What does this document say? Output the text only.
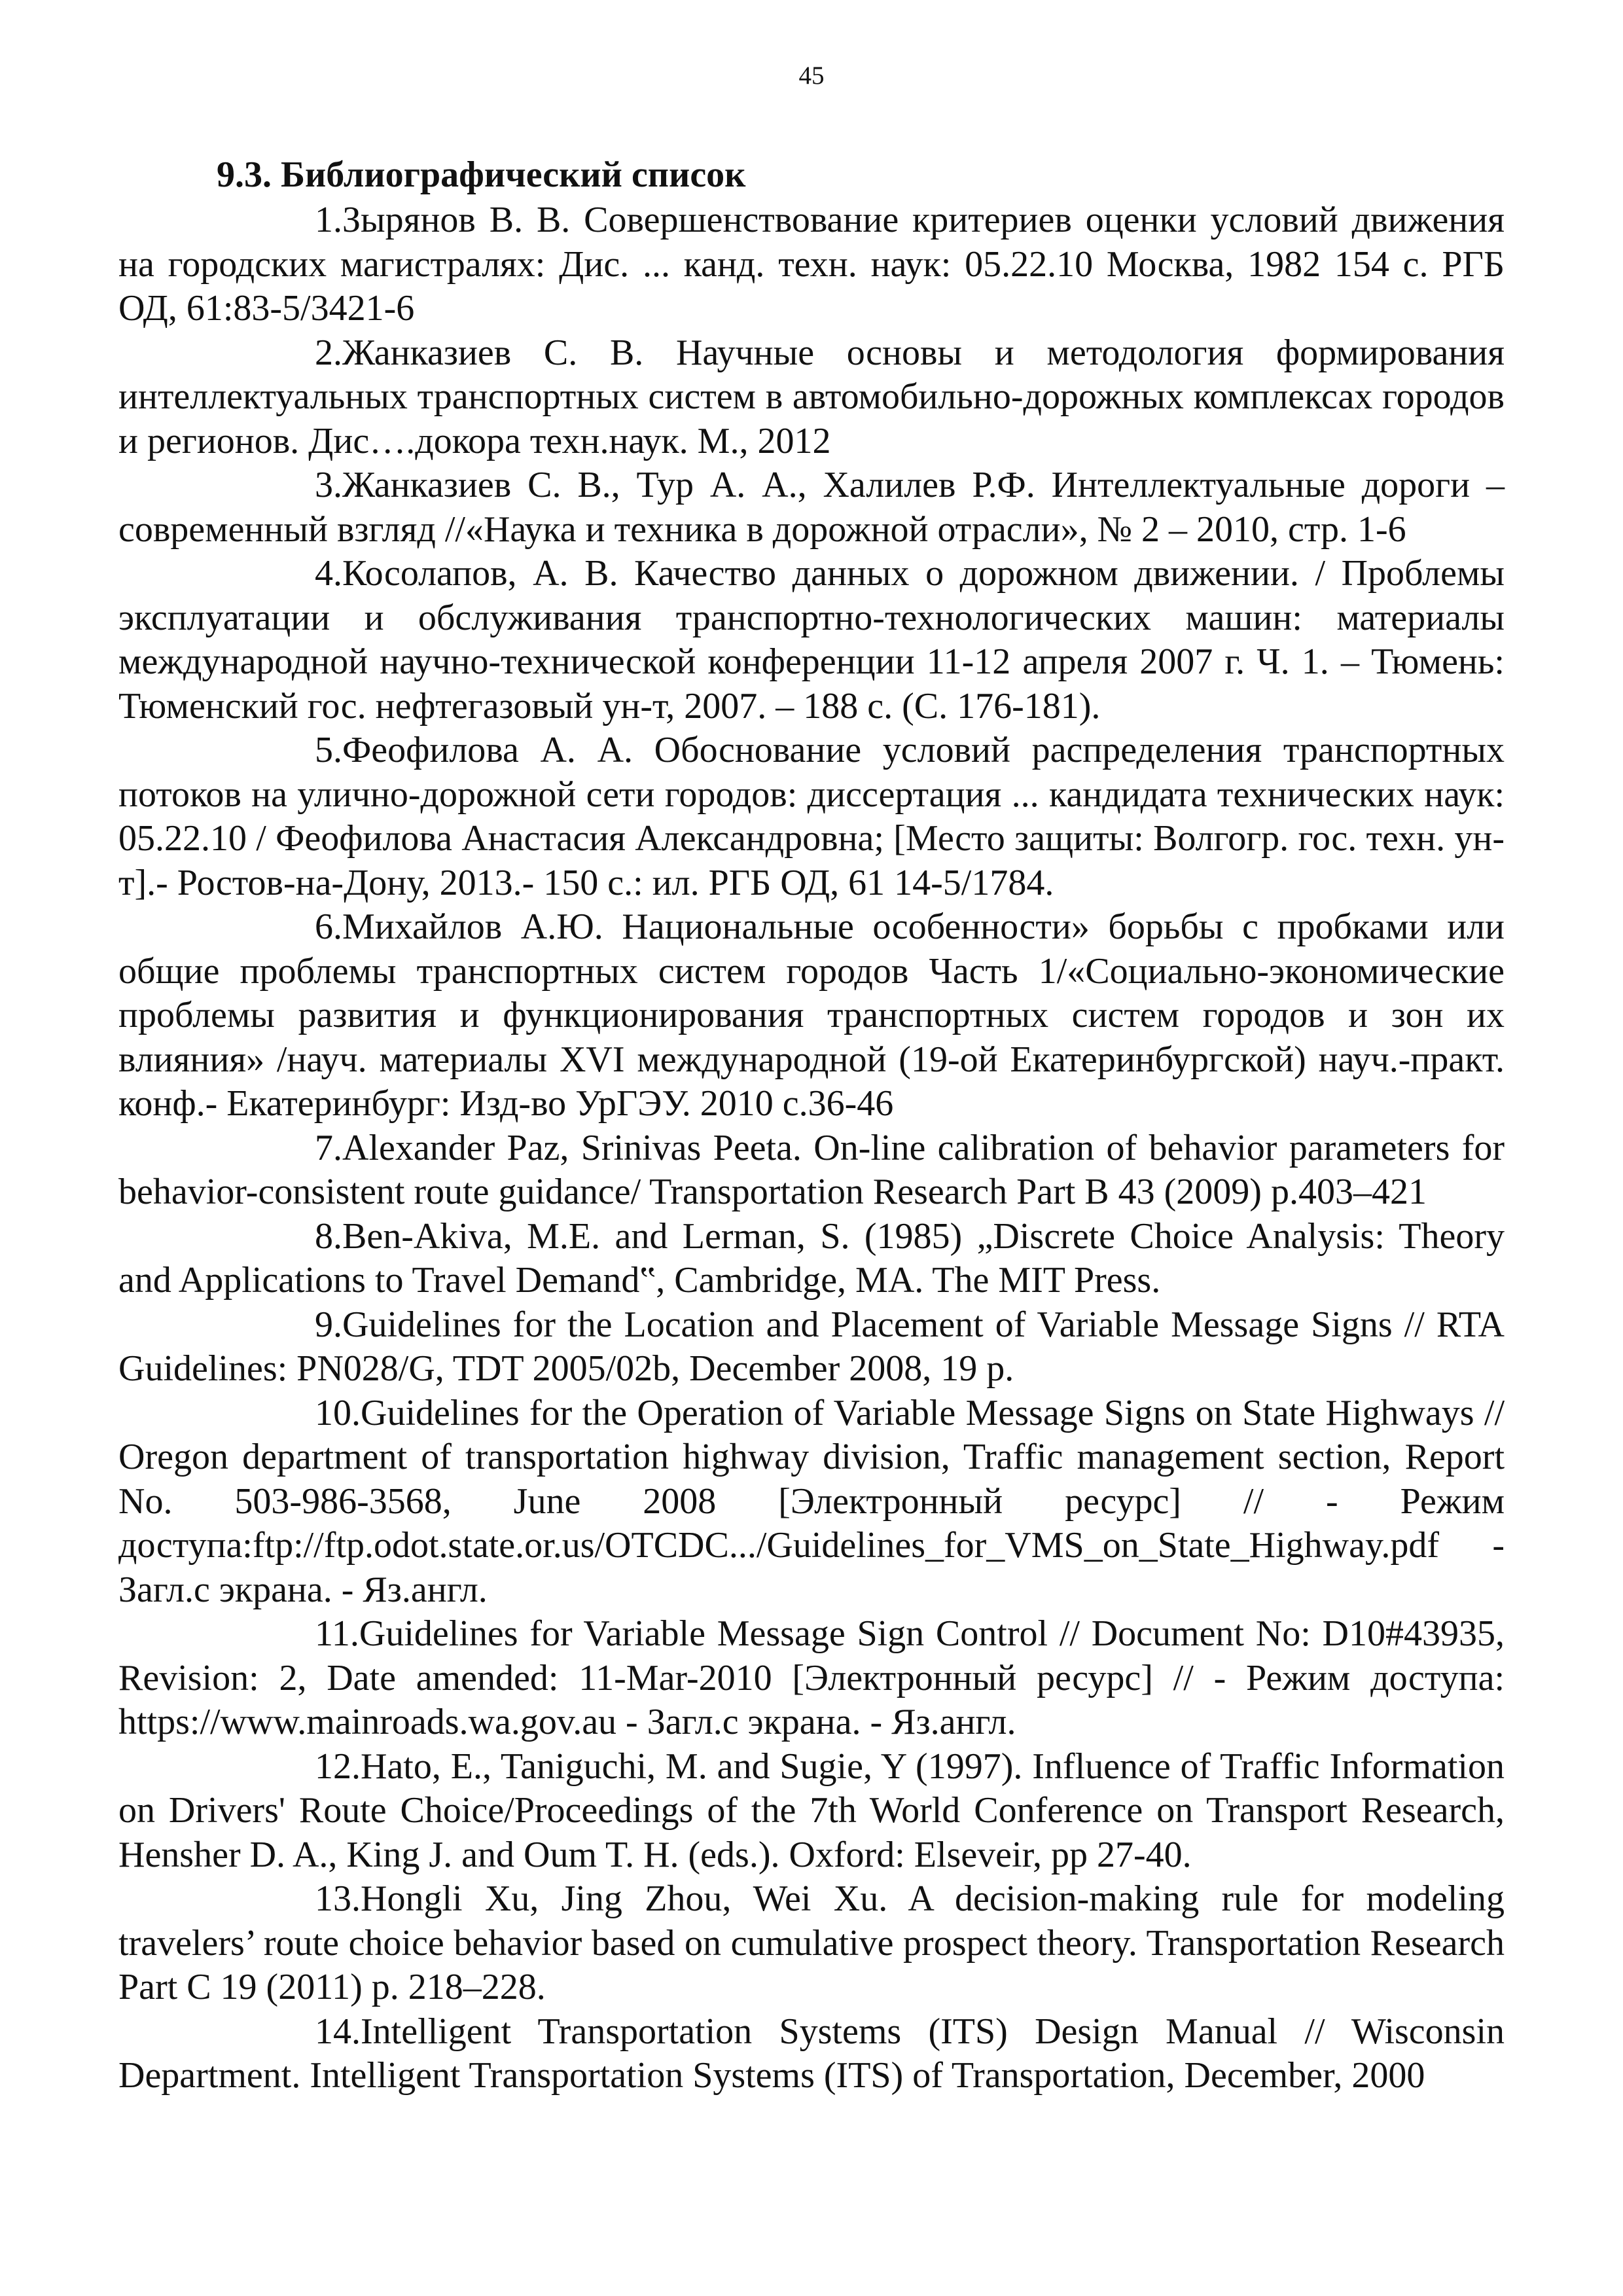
45
9.3. Библиографический список
1.Зырянов В. В. Совершенствование критериев оценки условий движения на городских магистралях: Дис. ... канд. техн. наук: 05.22.10 Москва, 1982 154 с. РГБ ОД, 61:83-5/3421-6
2.Жанказиев С. В. Научные основы и методология формирования интеллектуальных транспортных систем в автомобильно-дорожных комплексах городов и регионов. Дис….докора техн.наук. М., 2012
3.Жанказиев С. В., Тур А. А., Халилев Р.Ф. Интеллектуальные дороги – современный взгляд //«Наука и техника в дорожной отрасли», № 2 – 2010, стр. 1-6
4.Косолапов, А. В. Качество данных о дорожном движении. / Проблемы эксплуатации и обслуживания транспортно-технологических машин: материалы международной научно-технической конференции 11-12 апреля 2007 г. Ч. 1. – Тюмень: Тюменский гос. нефтегазовый ун-т, 2007. – 188 с. (С. 176-181).
5.Феофилова А. А. Обоснование условий распределения транспортных потоков на улично-дорожной сети городов: диссертация ... кандидата технических наук: 05.22.10 / Феофилова Анастасия Александровна; [Место защиты: Волгогр. гос. техн. ун-т].- Ростов-на-Дону, 2013.- 150 с.: ил. РГБ ОД, 61 14-5/1784.
6.Михайлов А.Ю. Национальные особенности» борьбы с пробками или общие проблемы транспортных систем городов Часть 1/«Социально-экономические проблемы развития и функционирования транспортных систем городов и зон их влияния» /науч. материалы XVI международной (19-ой Екатеринбургской) науч.-практ. конф.- Екатеринбург: Изд-во УрГЭУ. 2010 с.36-46
7.Alexander Paz, Srinivas Peeta. On-line calibration of behavior parameters for behavior-consistent route guidance/ Transportation Research Part B 43 (2009) p.403–421
8.Ben-Akiva, M.E. and Lerman, S. (1985) „Discrete Choice Analysis: Theory and Applications to Travel Demand‟, Cambridge, MA. The MIT Press.
9.Guidelines for the Location and Placement of Variable Message Signs // RTA Guidelines: PN028/G, TDT 2005/02b, December 2008, 19 p.
10.Guidelines for the Operation of Variable Message Signs on State Highways // Oregon department of transportation highway division, Traffic management section, Report No. 503-986-3568, June 2008 [Электронный ресурс] // - Режим доступа:ftp://ftp.odot.state.or.us/OTCDC.../Guidelines_for_VMS_on_State_Highway.pdf - Загл.с экрана. - Яз.англ.
11.Guidelines for Variable Message Sign Control // Document No: D10#43935, Revision: 2, Date amended: 11-Mar-2010 [Электронный ресурс] // - Режим доступа: https://www.mainroads.wa.gov.au - Загл.с экрана. - Яз.англ.
12.Hato, E., Taniguchi, M. and Sugie, Y (1997). Influence of Traffic Information on Drivers' Route Choice/Proceedings of the 7th World Conference on Transport Research, Hensher D. A., King J. and Oum T. H. (eds.). Oxford: Elseveir, pp 27-40.
13.Hongli Xu, Jing Zhou, Wei Xu. A decision-making rule for modeling travelers’ route choice behavior based on cumulative prospect theory. Transportation Research Part C 19 (2011) p. 218–228.
14.Intelligent Transportation Systems (ITS) Design Manual // Wisconsin Department. Intelligent Transportation Systems (ITS) of Transportation, December, 2000
